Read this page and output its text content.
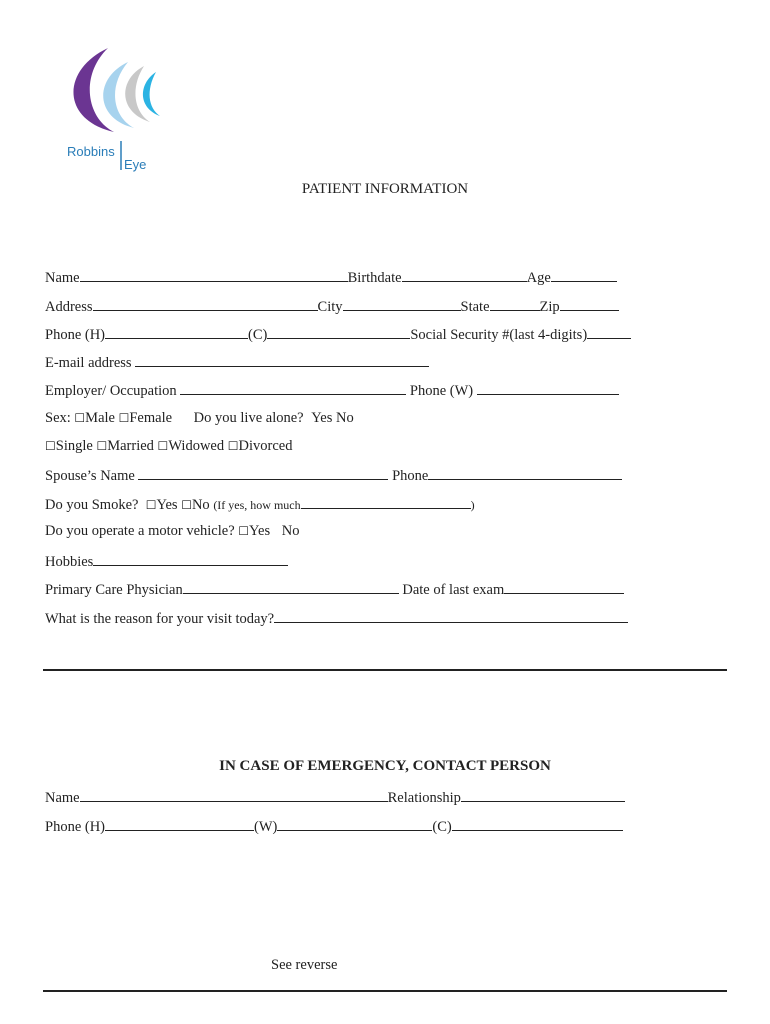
Robbins
Eye
PATIENT INFORMATION
Name	Birthdate	Age
Address	City	State	Zip
Phone (H)	(C)	Social Security #(last 4-digits)
E-mail address
Employer/ Occupation	Phone (W)
Sex: ☐Male ☐Female Do you live alone? Yes No
☐Single ☐Married ☐Widowed ☐Divorced
Spouse’s Name	Phone
Do you Smoke? ☐Yes ☐No (If yes, how much	)
Do you operate a motor vehicle? ☐Yes No
Hobbies
Primary Care Physician	Date of last exam
What is the reason for your visit today?
IN CASE OF EMERGENCY, CONTACT PERSON
Name	Relationship
Phone (H)	(W)	(C)
See reverse
